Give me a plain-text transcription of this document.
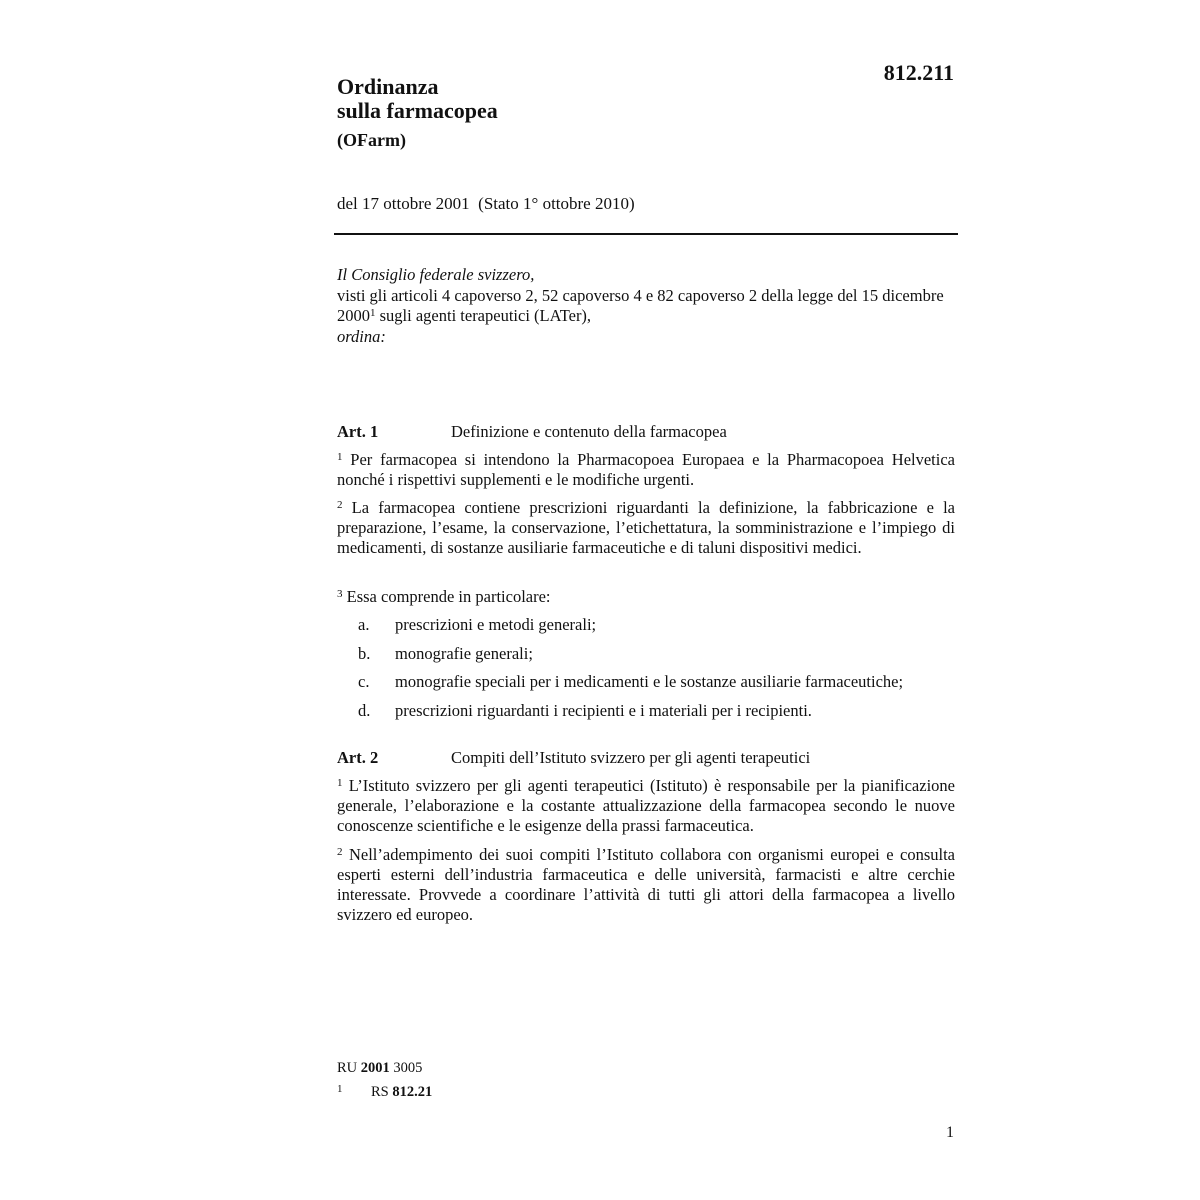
812.211
Ordinanza
sulla farmacopea
(OFarm)
del 17 ottobre 2001  (Stato 1° ottobre 2010)
Il Consiglio federale svizzero,
visti gli articoli 4 capoverso 2, 52 capoverso 4 e 82 capoverso 2 della legge del 15 dicembre 2000$^1$ sugli agenti terapeutici (LATer),
ordina:
Art. 1	Definizione e contenuto della farmacopea
$^1$ Per farmacopea si intendono la Pharmacopoea Europaea e la Pharmacopoea Helvetica nonché i rispettivi supplementi e le modifiche urgenti.
$^2$ La farmacopea contiene prescrizioni riguardanti la definizione, la fabbricazione e la preparazione, l’esame, la conservazione, l’etichettatura, la somministrazione e l’impiego di medicamenti, di sostanze ausiliarie farmaceutiche e di taluni dispositivi medici.
$^3$ Essa comprende in particolare:
a. prescrizioni e metodi generali;
b. monografie generali;
c. monografie speciali per i medicamenti e le sostanze ausiliarie farmaceutiche;
d. prescrizioni riguardanti i recipienti e i materiali per i recipienti.
Art. 2	Compiti dell’Istituto svizzero per gli agenti terapeutici
$^1$ L’Istituto svizzero per gli agenti terapeutici (Istituto) è responsabile per la pianificazione generale, l’elaborazione e la costante attualizzazione della farmacopea secondo le nuove conoscenze scientifiche e le esigenze della prassi farmaceutica.
$^2$ Nell’adempimento dei suoi compiti l’Istituto collabora con organismi europei e consulta esperti esterni dell’industria farmaceutica e delle università, farmacisti e altre cerchie interessate. Provvede a coordinare l’attività di tutti gli attori della farmacopea a livello svizzero ed europeo.
RU 2001 3005
1 RS 812.21
1
